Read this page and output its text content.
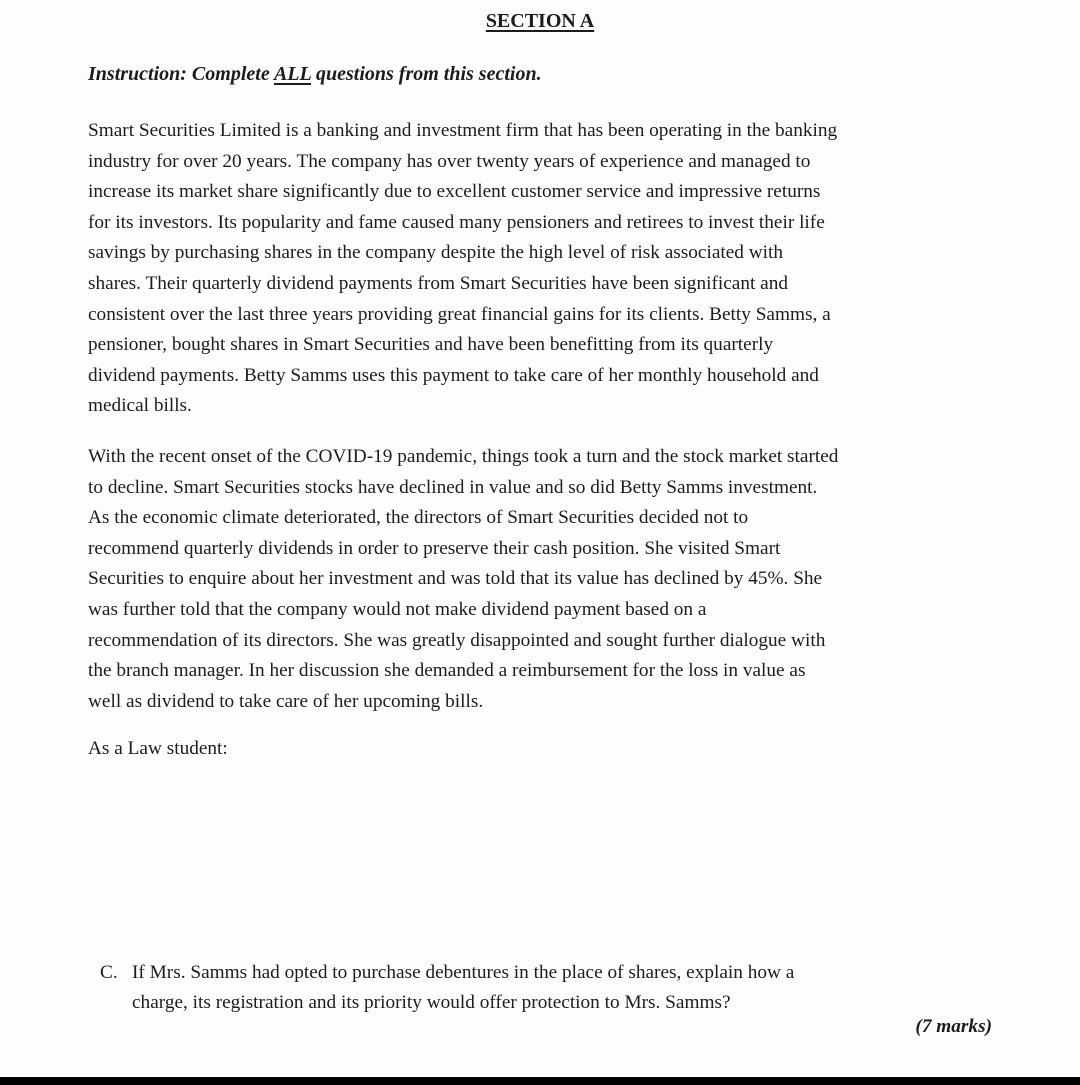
SECTION A

Instruction: Complete ALL questions from this section.

Smart Securities Limited is a banking and investment firm that has been operating in the banking
industry for over 20 years. The company has over twenty years of experience and managed to
increase its market share significantly due to excellent customer service and impressive returns
for its investors. Its popularity and fame caused many pensioners and retirees to invest their life
savings by purchasing shares in the company despite the high level of risk associated with
shares. Their quarterly dividend payments from Smart Securities have been significant and
consistent over the last three years providing great financial gains for its clients. Betty Samms, a
pensioner, bought shares in Smart Securities and have been benefitting from its quarterly
dividend payments. Betty Samms uses this payment to take care of her monthly household and
medical bills.

With the recent onset of the COVID-19 pandemic, things took a turn and the stock market started
to decline. Smart Securities stocks have declined in value and so did Betty Samms investment.
As the economic climate deteriorated, the directors of Smart Securities decided not to
recommend quarterly dividends in order to preserve their cash position. She visited Smart
Securities to enquire about her investment and was told that its value has declined by 45%. She
was further told that the company would not make dividend payment based on a
recommendation of its directors. She was greatly disappointed and sought further dialogue with
the branch manager. In her discussion she demanded a reimbursement for the loss in value as
well as dividend to take care of her upcoming bills.

As a Law student:

C. If Mrs. Samms had opted to purchase debentures in the place of shares, explain how a
charge, its registration and its priority would offer protection to Mrs. Samms?

(7 marks)
